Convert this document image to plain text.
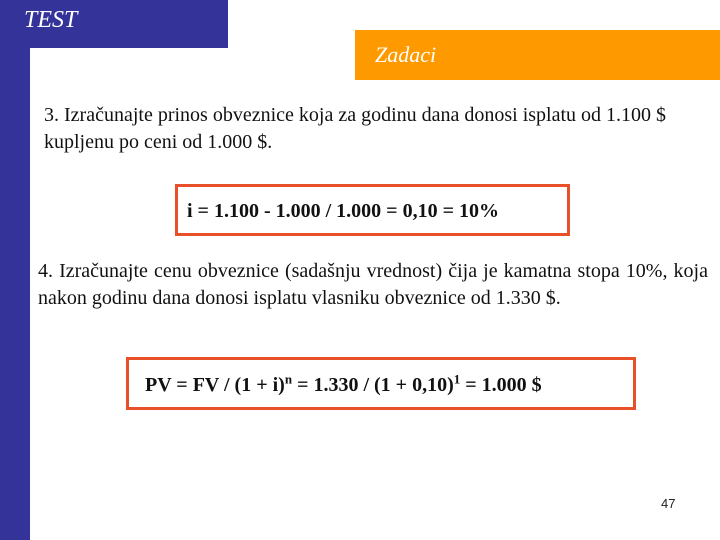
TEST
Zadaci

3. Izračunajte prinos obveznice koja za godinu dana donosi isplatu od 1.100 $ kupljenu po ceni od 1.000 $.

i = 1.100 - 1.000 / 1.000 = 0,10 = 10%

4. Izračunajte cenu obveznice (sadašnju vrednost) čija je kamatna stopa 10%, koja nakon godinu dana donosi isplatu vlasniku obveznice od 1.330 $.

PV = FV / $(1 + i)^n = 1.330 / (1 + 0,10)^1 = 1.000$ $
47
